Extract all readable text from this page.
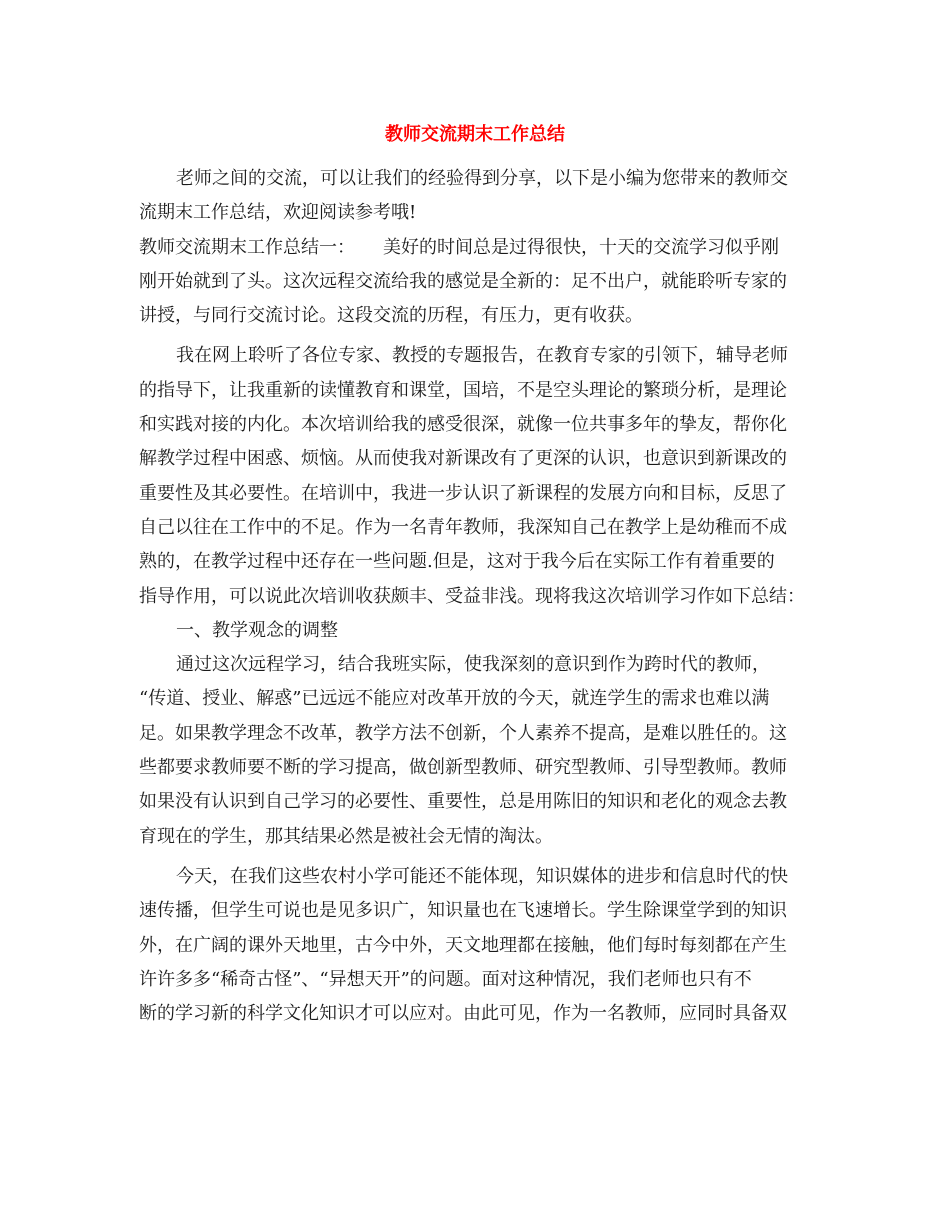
教师交流期末工作总结
老师之间的交流，可以让我们的经验得到分享，以下是小编为您带来的教师交
流期末工作总结，欢迎阅读参考哦!
教师交流期末工作总结一： 美好的时间总是过得很快，十天的交流学习似乎刚
刚开始就到了头。这次远程交流给我的感觉是全新的：足不出户，就能聆听专家的
讲授，与同行交流讨论。这段交流的历程，有压力，更有收获。
我在网上聆听了各位专家、教授的专题报告，在教育专家的引领下，辅导老师
的指导下，让我重新的读懂教育和课堂，国培，不是空头理论的繁琐分析，是理论
和实践对接的内化。本次培训给我的感受很深，就像一位共事多年的挚友，帮你化
解教学过程中困惑、烦恼。从而使我对新课改有了更深的认识，也意识到新课改的
重要性及其必要性。在培训中，我进一步认识了新课程的发展方向和目标，反思了
自己以往在工作中的不足。作为一名青年教师，我深知自己在教学上是幼稚而不成
熟的，在教学过程中还存在一些问题.但是，这对于我今后在实际工作有着重要的
指导作用，可以说此次培训收获颇丰、受益非浅。现将我这次培训学习作如下总结：
一、教学观念的调整
通过这次远程学习，结合我班实际，使我深刻的意识到作为跨时代的教师，
“传道、授业、解惑”已远远不能应对改革开放的今天，就连学生的需求也难以满
足。如果教学理念不改革，教学方法不创新，个人素养不提高，是难以胜任的。这
些都要求教师要不断的学习提高，做创新型教师、研究型教师、引导型教师。教师
如果没有认识到自己学习的必要性、重要性，总是用陈旧的知识和老化的观念去教
育现在的学生，那其结果必然是被社会无情的淘汰。
今天，在我们这些农村小学可能还不能体现，知识媒体的进步和信息时代的快
速传播，但学生可说也是见多识广，知识量也在飞速增长。学生除课堂学到的知识
外，在广阔的课外天地里，古今中外，天文地理都在接触，他们每时每刻都在产生
许许多多“稀奇古怪”、“异想天开”的问题。面对这种情况，我们老师也只有不
断的学习新的科学文化知识才可以应对。由此可见，作为一名教师，应同时具备双
